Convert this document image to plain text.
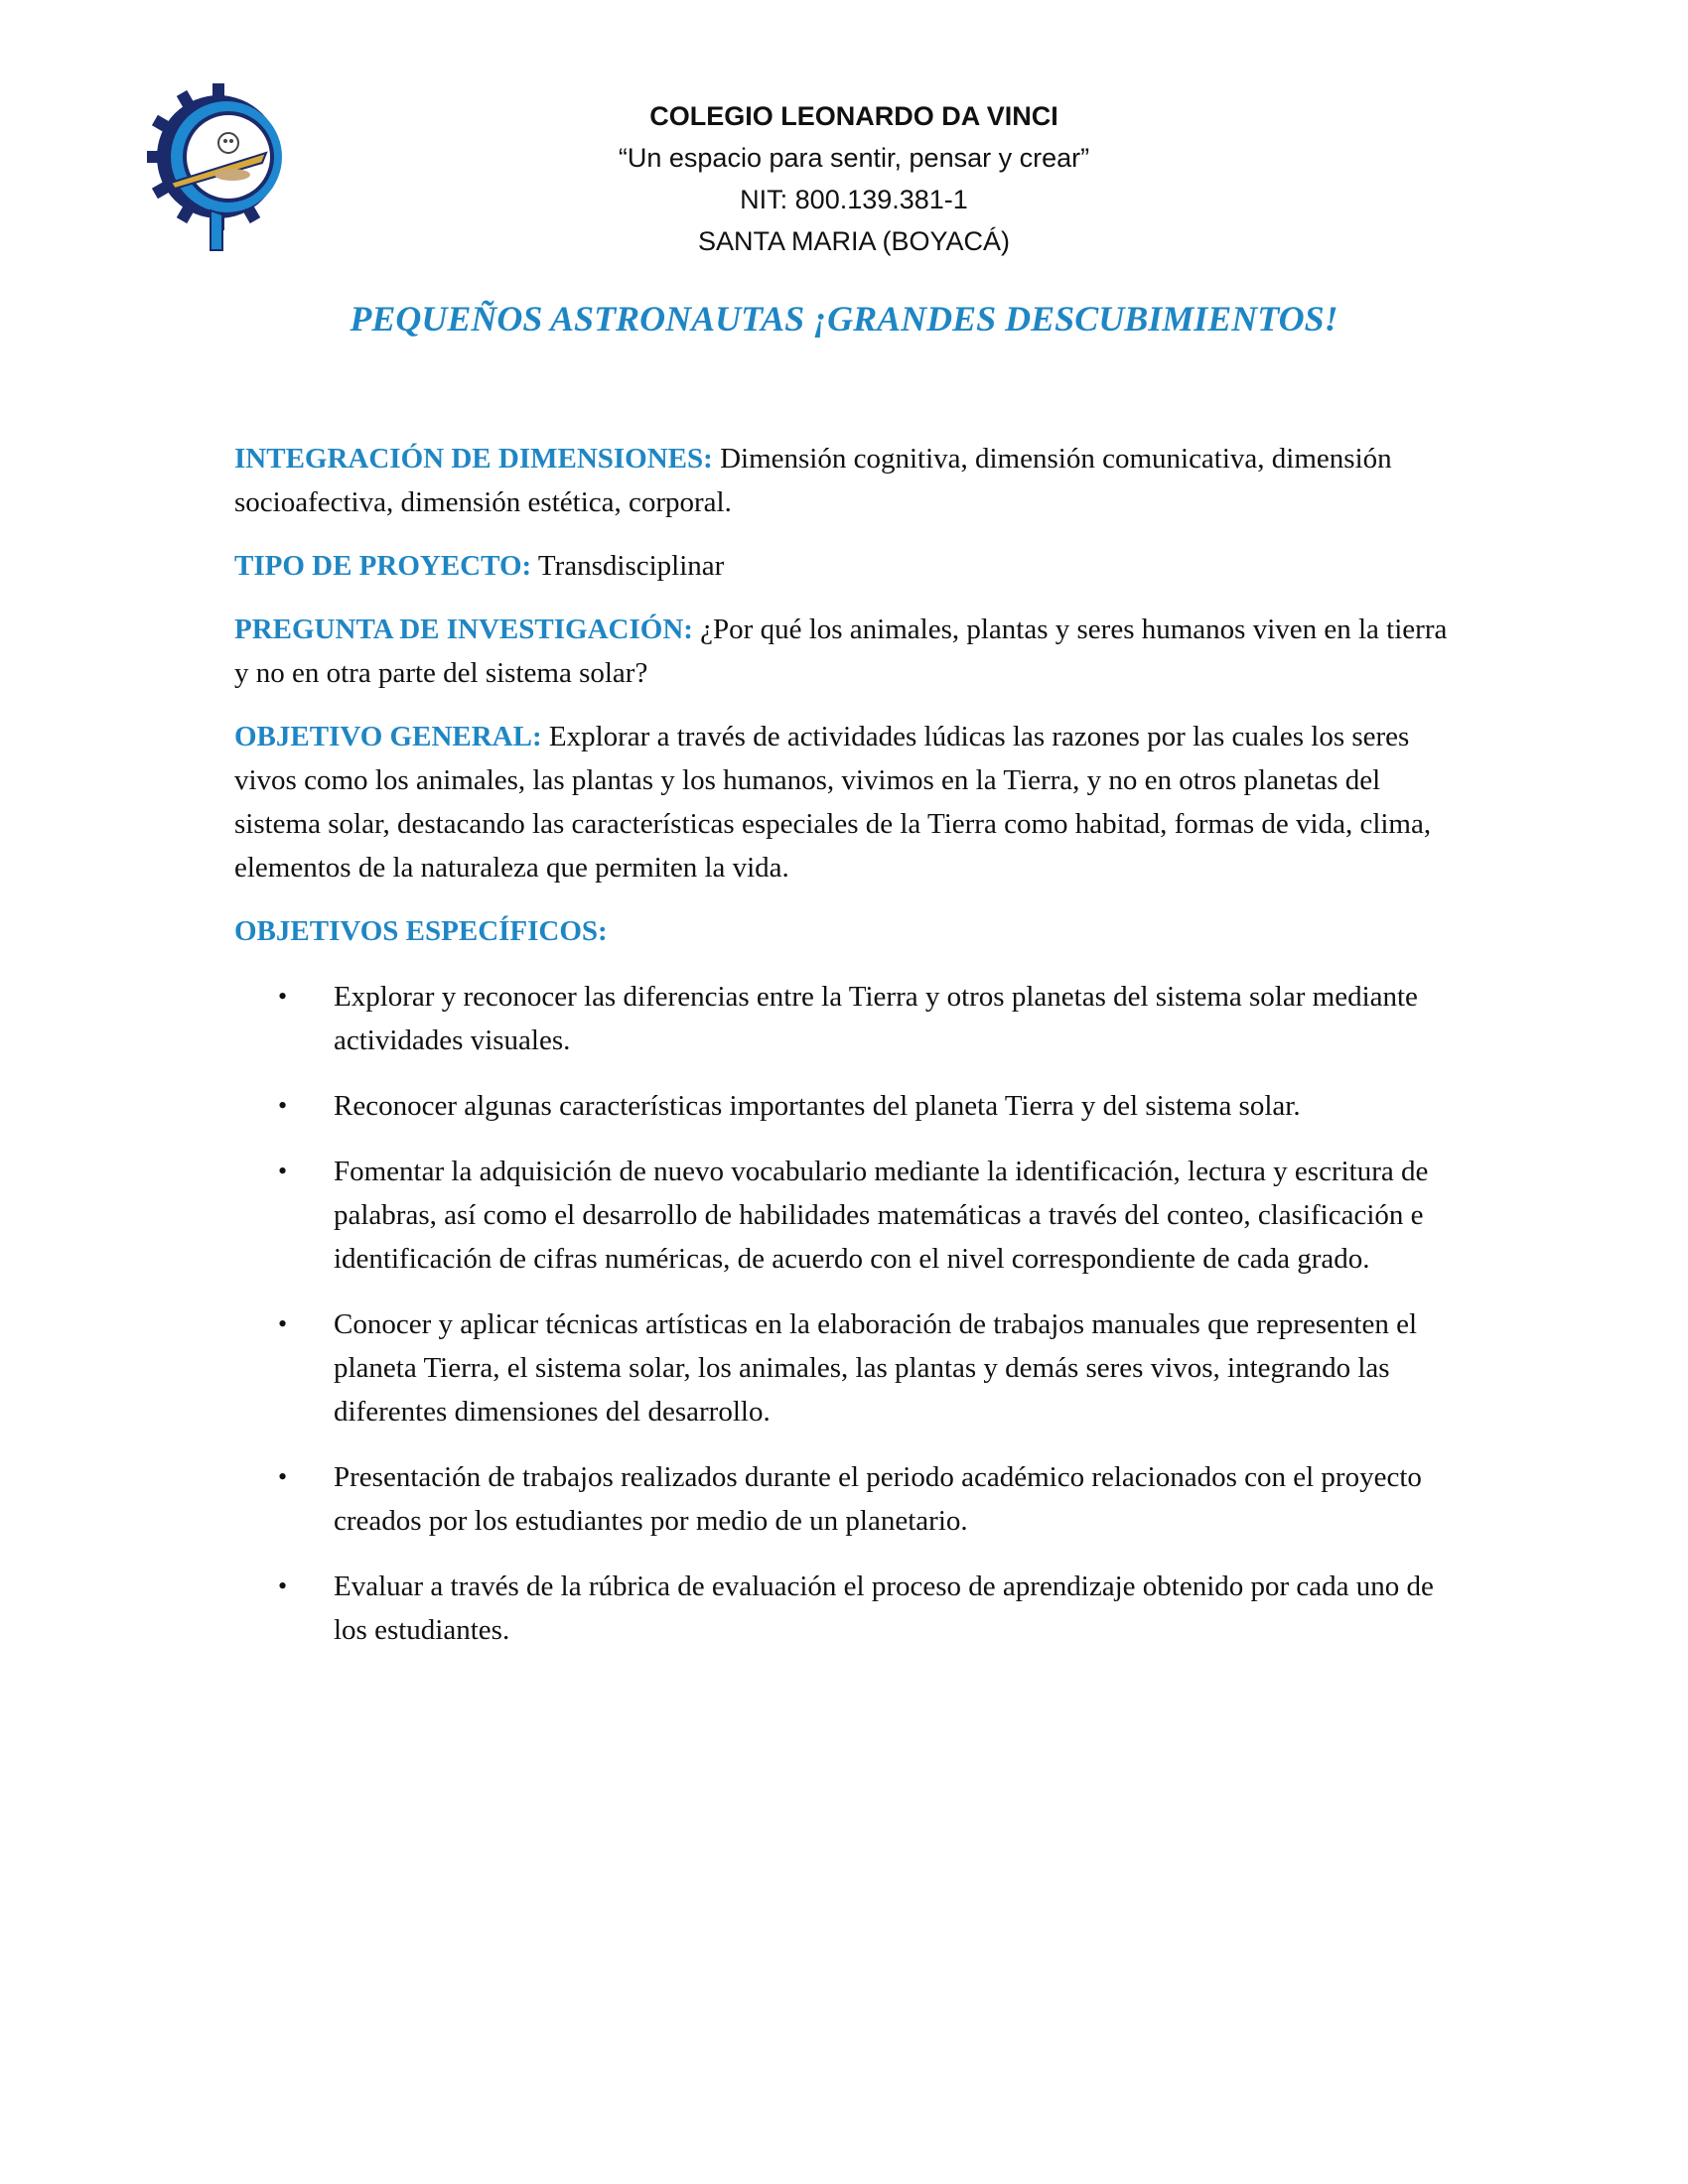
COLEGIO LEONARDO DA VINCI
“Un espacio para sentir, pensar y crear”
NIT: 800.139.381-1
SANTA MARIA (BOYACÁ)
PEQUEÑOS ASTRONAUTAS ¡GRANDES DESCUBIMIENTOS!

INTEGRACIÓN DE DIMENSIONES: Dimensión cognitiva, dimensión comunicativa, dimensión socioafectiva, dimensión estética, corporal.

TIPO DE PROYECTO: Transdisciplinar

PREGUNTA DE INVESTIGACIÓN: ¿Por qué los animales, plantas y seres humanos viven en la tierra y no en otra parte del sistema solar?

OBJETIVO GENERAL: Explorar a través de actividades lúdicas las razones por las cuales los seres vivos como los animales, las plantas y los humanos, vivimos en la Tierra, y no en otros planetas del sistema solar, destacando las características especiales de la Tierra como habitad, formas de vida, clima, elementos de la naturaleza que permiten la vida.

OBJETIVOS ESPECÍFICOS:

• Explorar y reconocer las diferencias entre la Tierra y otros planetas del sistema solar mediante actividades visuales.
• Reconocer algunas características importantes del planeta Tierra y del sistema solar.
• Fomentar la adquisición de nuevo vocabulario mediante la identificación, lectura y escritura de palabras, así como el desarrollo de habilidades matemáticas a través del conteo, clasificación e identificación de cifras numéricas, de acuerdo con el nivel correspondiente de cada grado.
• Conocer y aplicar técnicas artísticas en la elaboración de trabajos manuales que representen el planeta Tierra, el sistema solar, los animales, las plantas y demás seres vivos, integrando las diferentes dimensiones del desarrollo.
• Presentación de trabajos realizados durante el periodo académico relacionados con el proyecto creados por los estudiantes por medio de un planetario.
• Evaluar a través de la rúbrica de evaluación el proceso de aprendizaje obtenido por cada uno de los estudiantes.
